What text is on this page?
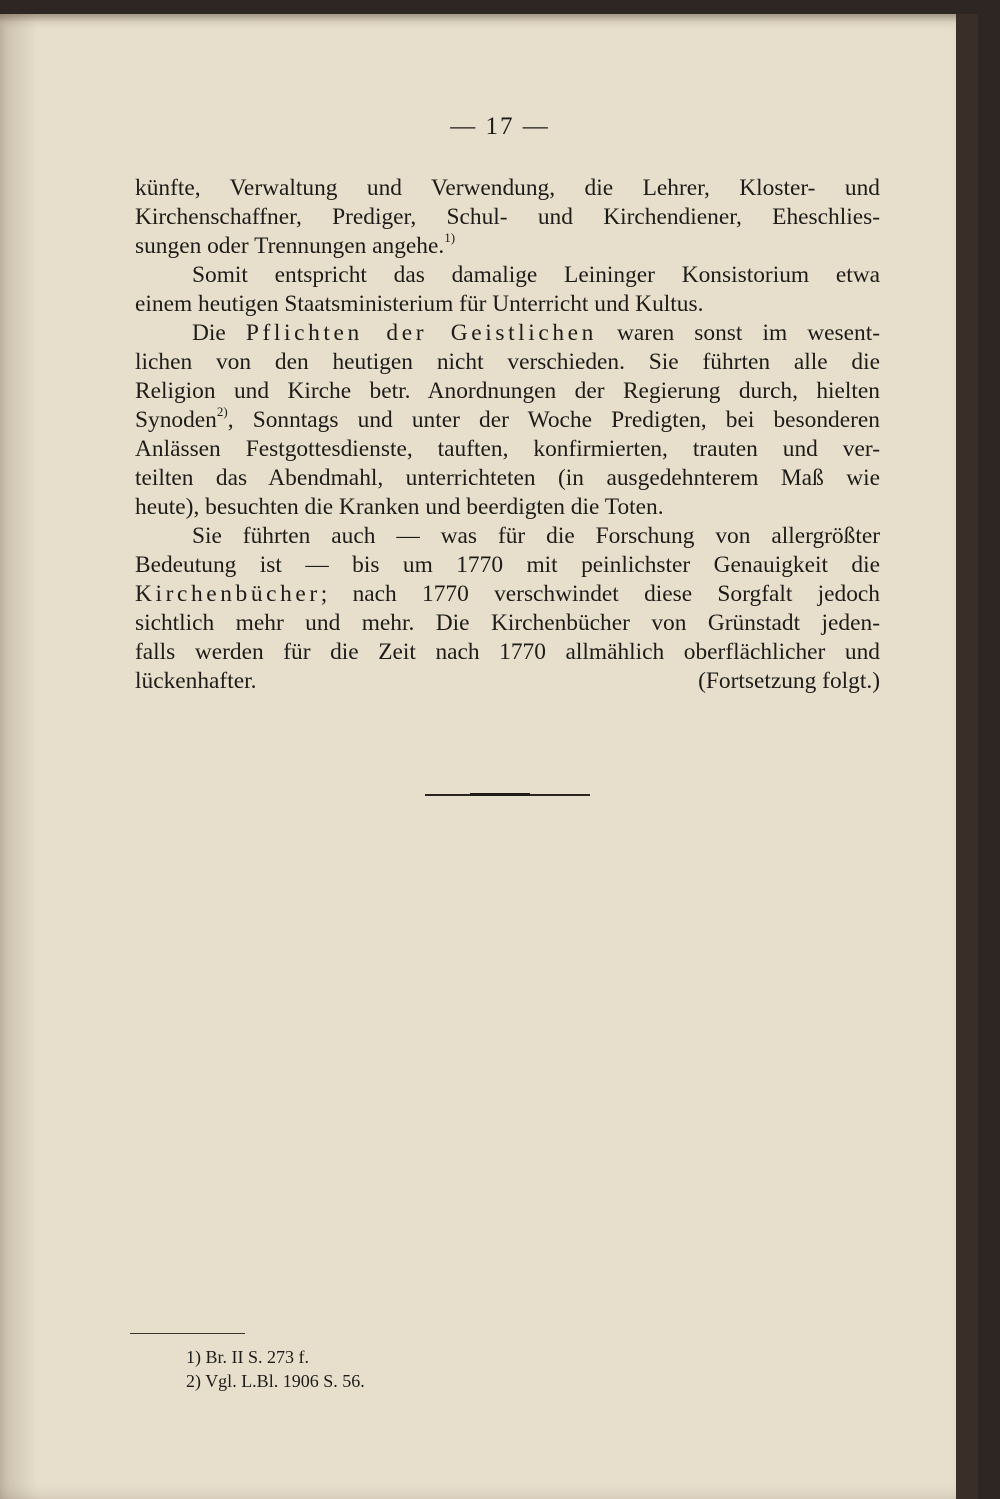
— 17 —
künfte, Verwaltung und Verwendung, die Lehrer, Kloster- und
Kirchenschaffner, Prediger, Schul- und Kirchendiener, Eheschlies-
sungen oder Trennungen angehe.$^{1)}$
Somit entspricht das damalige Leininger Konsistorium etwa
einem heutigen Staatsministerium für Unterricht und Kultus.
Die Pflichten der Geistlichen waren sonst im wesent-
lichen von den heutigen nicht verschieden. Sie führten alle die
Religion und Kirche betr. Anordnungen der Regierung durch, hielten
Synoden$^{2)}$, Sonntags und unter der Woche Predigten, bei besonderen
Anlässen Festgottesdienste, tauften, konfirmierten, trauten und ver-
teilten das Abendmahl, unterrichteten (in ausgedehnterem Maß wie
heute), besuchten die Kranken und beerdigten die Toten.
Sie führten auch — was für die Forschung von allergrößter
Bedeutung ist — bis um 1770 mit peinlichster Genauigkeit die
Kirchenbücher; nach 1770 verschwindet diese Sorgfalt jedoch
sichtlich mehr und mehr. Die Kirchenbücher von Grünstadt jeden-
falls werden für die Zeit nach 1770 allmählich oberflächlicher und
lückenhafter.	(Fortsetzung folgt.)
1) Br. II S. 273 f.
2) Vgl. L.Bl. 1906 S. 56.
